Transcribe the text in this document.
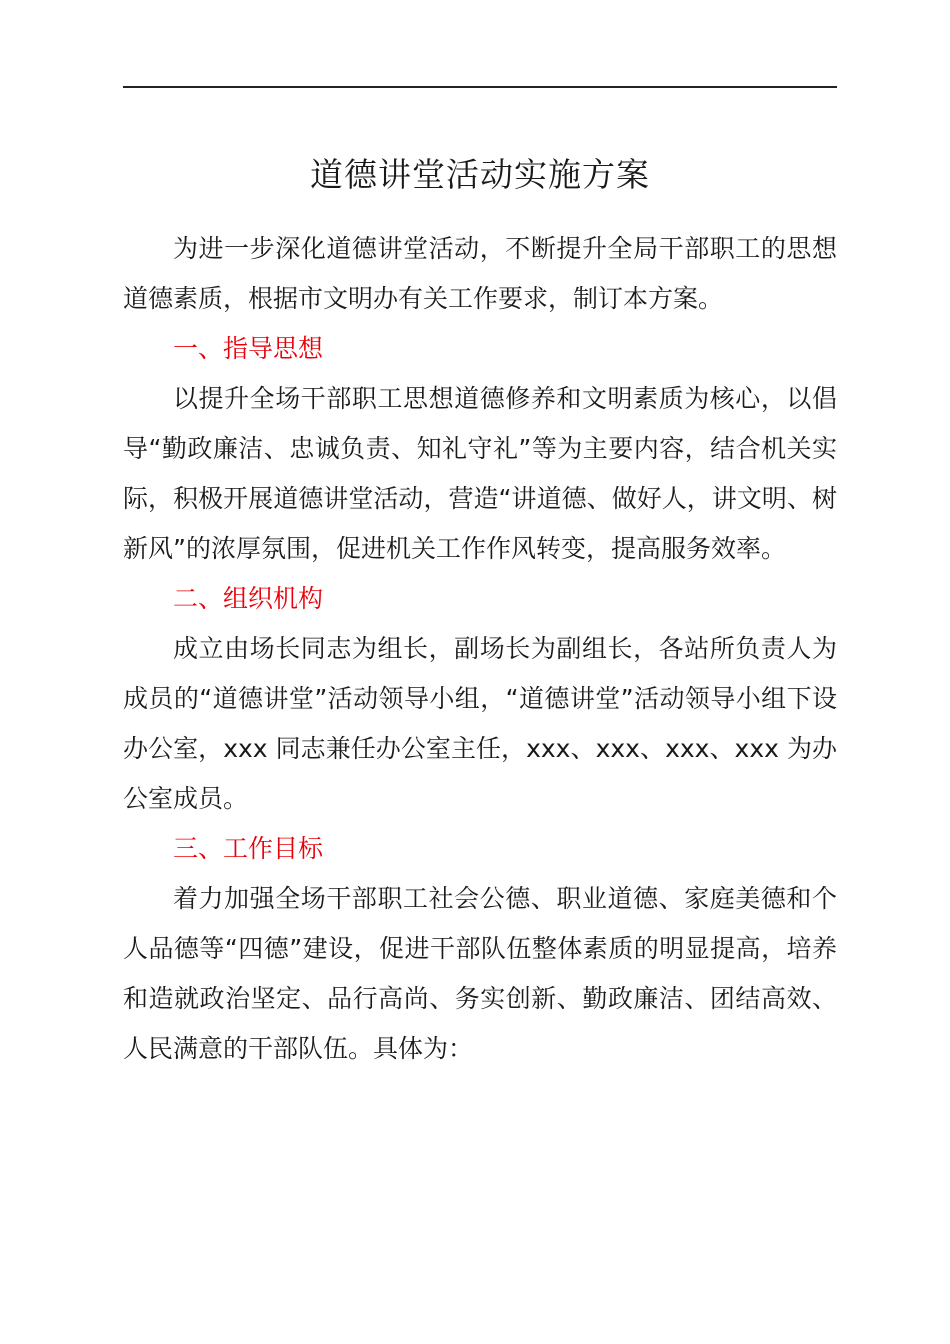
道德讲堂活动实施方案

为进一步深化道德讲堂活动，不断提升全局干部职工的思想道德素质，根据市文明办有关工作要求，制订本方案。

一、指导思想

以提升全场干部职工思想道德修养和文明素质为核心，以倡导“勤政廉洁、忠诚负责、知礼守礼”等为主要内容，结合机关实际，积极开展道德讲堂活动，营造“讲道德、做好人，讲文明、树新风”的浓厚氛围，促进机关工作作风转变，提高服务效率。

二、组织机构

成立由场长同志为组长，副场长为副组长，各站所负责人为成员的“道德讲堂”活动领导小组，“道德讲堂”活动领导小组下设办公室，xxx 同志兼任办公室主任，xxx、xxx、xxx、xxx 为办公室成员。

三、工作目标

着力加强全场干部职工社会公德、职业道德、家庭美德和个人品德等“四德”建设，促进干部队伍整体素质的明显提高，培养和造就政治坚定、品行高尚、务实创新、勤政廉洁、团结高效、人民满意的干部队伍。具体为：
